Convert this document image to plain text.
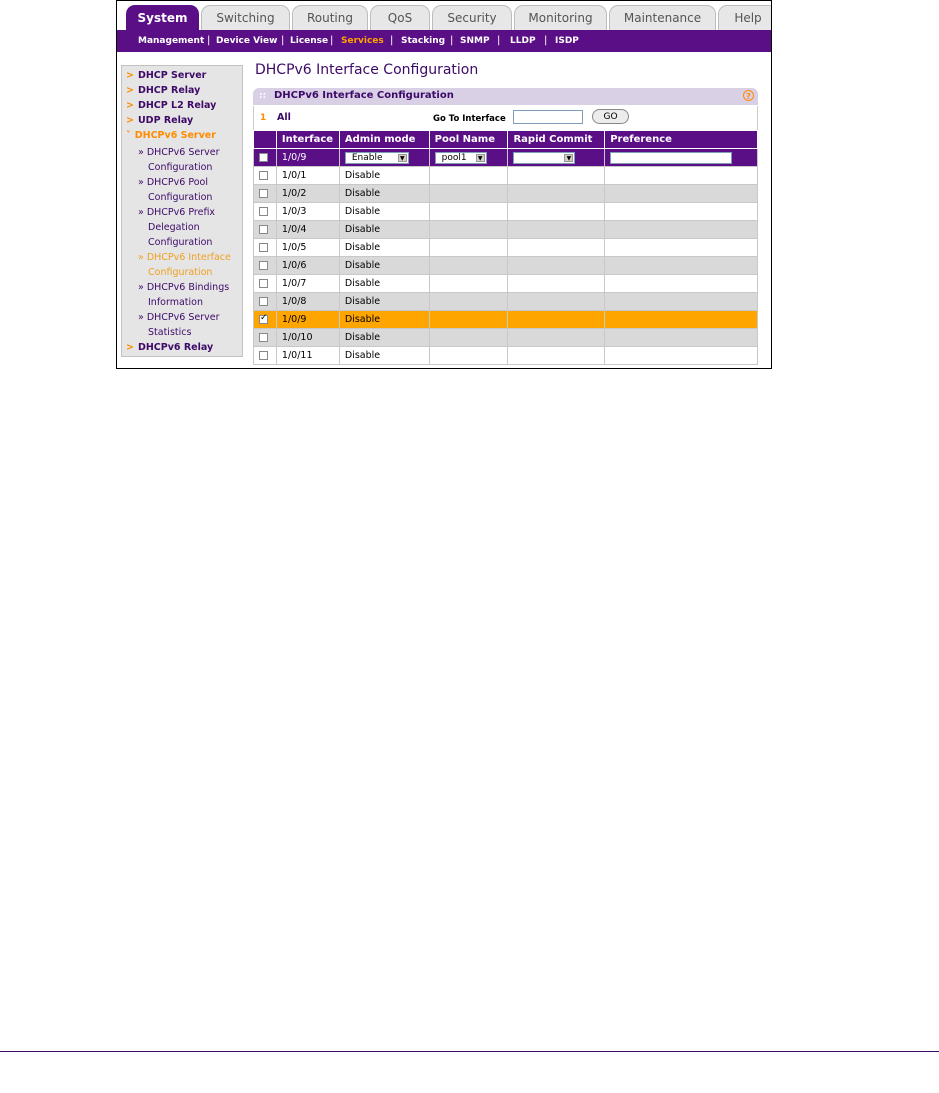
System	Switching	Routing	QoS	Security	Monitoring	Maintenance	Help
Management | Device View | License | Services | Stacking | SNMP | LLDP | ISDP
> DHCP Server
> DHCP Relay
> DHCP L2 Relay
> UDP Relay
˅ DHCPv6 Server
» DHCPv6 Server
Configuration
» DHCPv6 Pool
Configuration
» DHCPv6 Prefix
Delegation
Configuration
» DHCPv6 Interface
Configuration
» DHCPv6 Bindings
Information
» DHCPv6 Server
Statistics
> DHCPv6 Relay
DHCPv6 Interface Configuration
:: DHCPv6 Interface Configuration	?
1 All	Go To Interface	GO
	Interface	Admin mode	Pool Name	Rapid Commit	Preference
	1/0/9	Enable ▼	pool1 ▼	▼	

	1/0/1	Disable			
	1/0/2	Disable			
	1/0/3	Disable			
	1/0/4	Disable			
	1/0/5	Disable			
	1/0/6	Disable			
	1/0/7	Disable			
	1/0/8	Disable			
✓	1/0/9	Disable			
	1/0/10	Disable			
	1/0/11	Disable			
